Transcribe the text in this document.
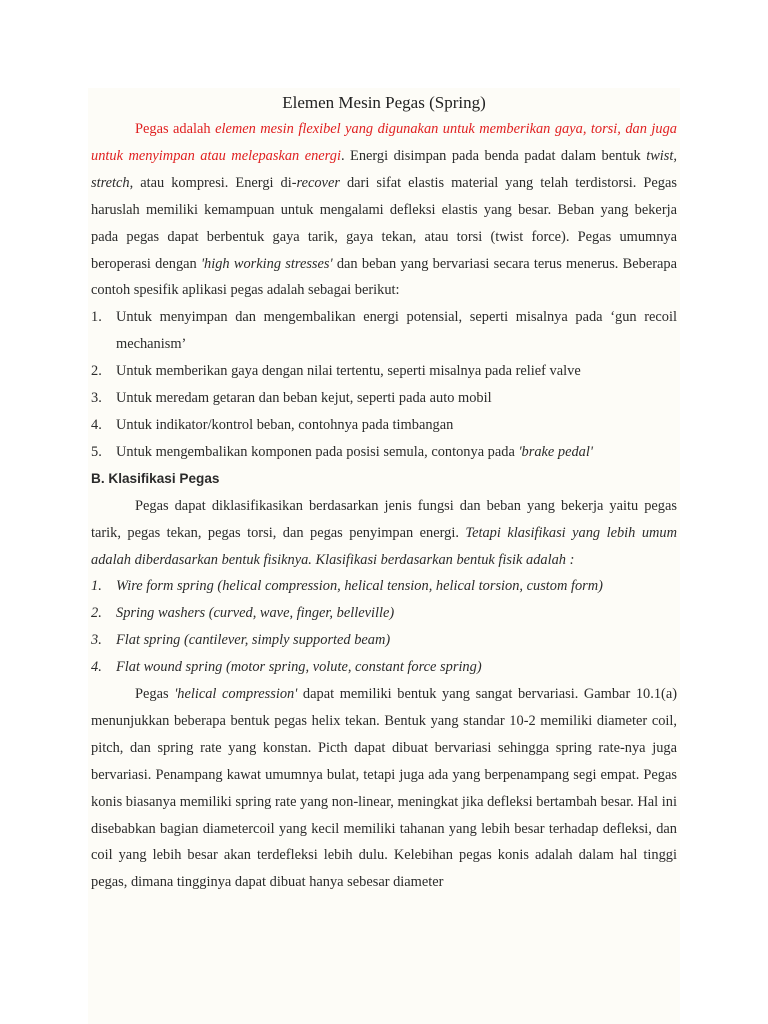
Elemen Mesin Pegas (Spring)

Pegas adalah elemen mesin flexibel yang digunakan untuk memberikan gaya, torsi, dan juga untuk menyimpan atau melepaskan energi. Energi disimpan pada benda padat dalam bentuk twist, stretch, atau kompresi. Energi di-recover dari sifat elastis material yang telah terdistorsi. Pegas haruslah memiliki kemampuan untuk mengalami defleksi elastis yang besar. Beban yang bekerja pada pegas dapat berbentuk gaya tarik, gaya tekan, atau torsi (twist force). Pegas umumnya beroperasi dengan 'high working stresses' dan beban yang bervariasi secara terus menerus. Beberapa contoh spesifik aplikasi pegas adalah sebagai berikut:

1. Untuk menyimpan dan mengembalikan energi potensial, seperti misalnya pada ‘gun recoil mechanism’
2. Untuk memberikan gaya dengan nilai tertentu, seperti misalnya pada relief valve
3. Untuk meredam getaran dan beban kejut, seperti pada auto mobil
4. Untuk indikator/kontrol beban, contohnya pada timbangan
5. Untuk mengembalikan komponen pada posisi semula, contonya pada 'brake pedal'

B. Klasifikasi Pegas

Pegas dapat diklasifikasikan berdasarkan jenis fungsi dan beban yang bekerja yaitu pegas tarik, pegas tekan, pegas torsi, dan pegas penyimpan energi. Tetapi klasifikasi yang lebih umum adalah diberdasarkan bentuk fisiknya. Klasifikasi berdasarkan bentuk fisik adalah :

1. Wire form spring (helical compression, helical tension, helical torsion, custom form)
2. Spring washers (curved, wave, finger, belleville)
3. Flat spring (cantilever, simply supported beam)
4. Flat wound spring (motor spring, volute, constant force spring)

Pegas 'helical compression' dapat memiliki bentuk yang sangat bervariasi. Gambar 10.1(a) menunjukkan beberapa bentuk pegas helix tekan. Bentuk yang standar 10-2 memiliki diameter coil, pitch, dan spring rate yang konstan. Picth dapat dibuat bervariasi sehingga spring rate-nya juga bervariasi. Penampang kawat umumnya bulat, tetapi juga ada yang berpenampang segi empat. Pegas konis biasanya memiliki spring rate yang non-linear, meningkat jika defleksi bertambah besar. Hal ini disebabkan bagian diametercoil yang kecil memiliki tahanan yang lebih besar terhadap defleksi, dan coil yang lebih besar akan terdefleksi lebih dulu. Kelebihan pegas konis adalah dalam hal tinggi pegas, dimana tingginya dapat dibuat hanya sebesar diameter
